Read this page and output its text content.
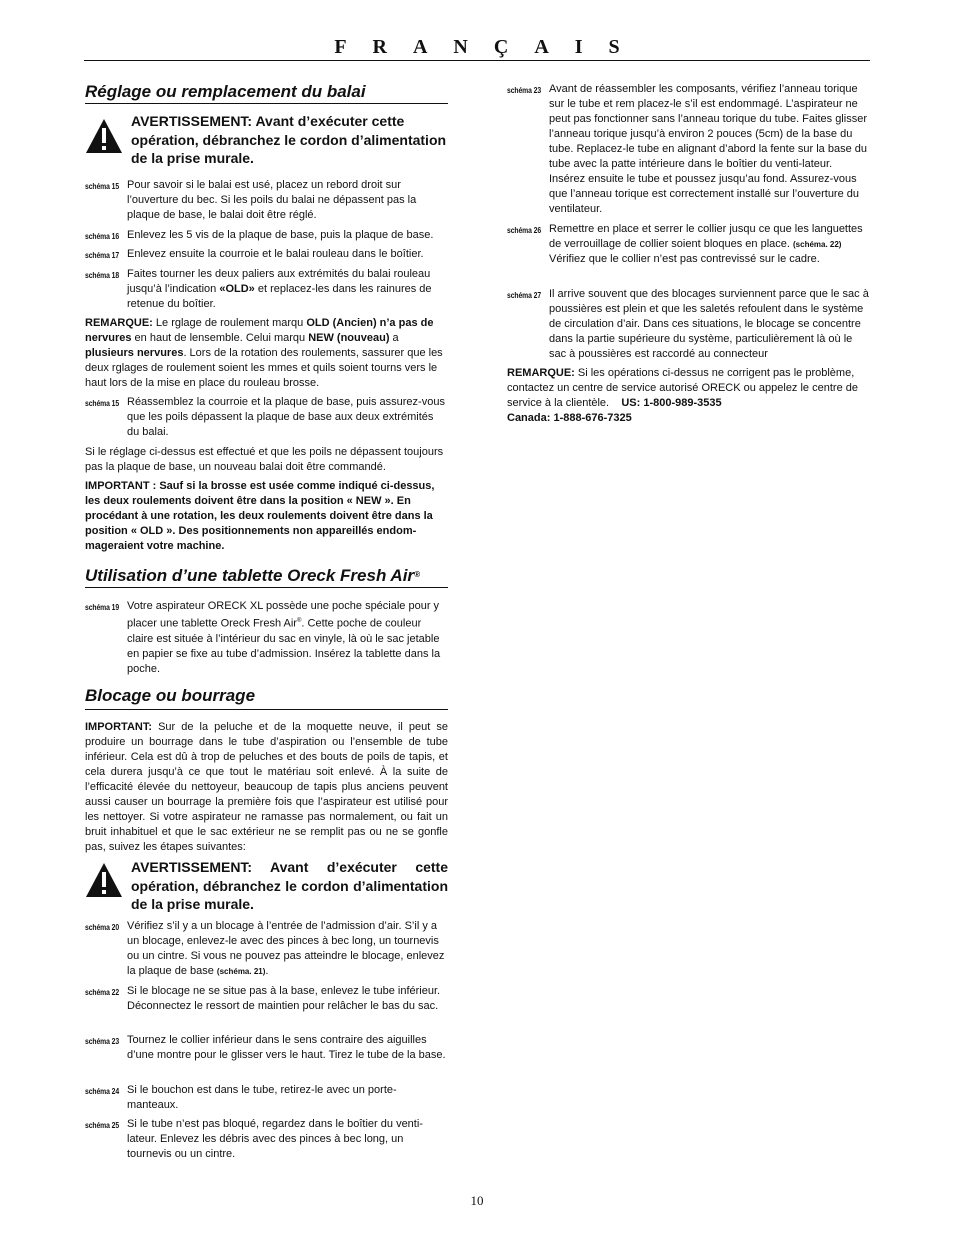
FRANÇAIS
Réglage ou remplacement du balai
AVERTISSEMENT: Avant d’exécuter cette opération, débranchez le cordon d’alimentation de la prise murale.
schéma 15 Pour savoir si le balai est usé, placez un rebord droit sur l’ouverture du bec. Si les poils du balai ne dépassent pas la plaque de base, le balai doit être réglé.
schéma 16 Enlevez les 5 vis de la plaque de base, puis la plaque de base.
schéma 17 Enlevez ensuite la courroie et le balai rouleau dans le boîtier.
schéma 18 Faites tourner les deux paliers aux extrémités du balai rouleau jusqu’à l’indication «OLD» et replacez-les dans les rainures de retenue du boîtier.
REMARQUE: Le rglage de roulement marqu OLD (Ancien) n’a pas de nervures en haut de lensemble. Celui marqu NEW (nouveau) a plusieurs nervures. Lors de la rotation des roulements, sassurer que les deux rglages de roulement soient les mmes et quils soient tourns vers le haut lors de la mise en place du rouleau brosse.
schéma 15 Réassemblez la courroie et la plaque de base, puis assurez-vous que les poils dépassent la plaque de base aux deux extrémités du balai.
Si le réglage ci-dessus est effectué et que les poils ne dépassent toujours pas la plaque de base, un nouveau balai doit être commandé.
IMPORTANT : Sauf si la brosse est usée comme indiqué ci-dessus, les deux roulements doivent être dans la position « NEW ». En procédant à une rotation, les deux roulements doivent être dans la position « OLD ». Des positionnements non appareillés endom-mageraient votre machine.
Utilisation d’une tablette Oreck Fresh Air®
schéma 19 Votre aspirateur ORECK XL possède une poche spéciale pour y placer une tablette Oreck Fresh Air®. Cette poche de couleur claire est située à l’intérieur du sac en vinyle, là où le sac jetable en papier se fixe au tube d’admission. Insérez la tablette dans la poche.
Blocage ou bourrage
IMPORTANT: Sur de la peluche et de la moquette neuve, il peut se produire un bourrage dans le tube d’aspiration ou l’ensemble de tube inférieur. Cela est dû à trop de peluches et des bouts de poils de tapis, et cela durera jusqu’à ce que tout le matériau soit enlevé. À la suite de l’efficacité élevée du nettoyeur, beaucoup de tapis plus anciens peuvent aussi causer un bourrage la première fois que l’aspirateur est utilisé pour les nettoyer. Si votre aspirateur ne ramasse pas normalement, ou fait un bruit inhabituel et que le sac extérieur ne se remplit pas ou ne se gonfle pas, suivez les étapes suivantes:
AVERTISSEMENT: Avant d’exécuter cette opération, débranchez le cordon d’alimentation de la prise murale.
schéma 20 Vérifiez s’il y a un blocage à l’entrée de l’admission d’air. S’il y a un blocage, enlevez-le avec des pinces à bec long, un tournevis ou un cintre. Si vous ne pouvez pas atteindre le blocage, enlevez la plaque de base (schéma. 21).
schéma 22 Si le blocage ne se situe pas à la base, enlevez le tube inférieur. Déconnectez le ressort de maintien pour relâcher le bas du sac.
schéma 23 Tournez le collier inférieur dans le sens contraire des aiguilles d’une montre pour le glisser vers le haut. Tirez le tube de la base.
schéma 24 Si le bouchon est dans le tube, retirez-le avec un porte-manteaux.
schéma 25 Si le tube n’est pas bloqué, regardez dans le boîtier du venti-lateur. Enlevez les débris avec des pinces à bec long, un tournevis ou un cintre.
schéma 23 Avant de réassembler les composants, vérifiez l’anneau torique sur le tube et rem placez-le s’il est endommagé. L’aspirateur ne peut pas fonctionner sans l’anneau torique du tube. Faites glisser l’anneau torique jusqu’à environ 2 pouces (5cm) de la base du tube. Replacez-le tube en alignant d’abord la fente sur la base du tube avec la patte intérieure dans le boîtier du venti-lateur. Insérez ensuite le tube et poussez jusqu’au fond. Assurez-vous que l’anneau torique est correctement installé sur l’ouverture du ventilateur.
schéma 26 Remettre en place et serrer le collier jusqu ce que les languettes de verrouillage de collier soient bloques en place. (schéma. 22) Vérifiez que le collier n’est pas contrevissé sur le cadre.
schéma 27 Il arrive souvent que des blocages surviennent parce que le sac à poussières est plein et que les saletés refoulent dans le système de circulation d’air. Dans ces situations, le blocage se concentre dans la partie supérieure du système, particulièrement là où le sac à poussières est raccordé au connecteur
REMARQUE: Si les opérations ci-dessus ne corrigent pas le problème, contactez un centre de service autorisé ORECK ou appelez le centre de service à la clientèle. US: 1-800-989-3535
Canada: 1-888-676-7325
10
